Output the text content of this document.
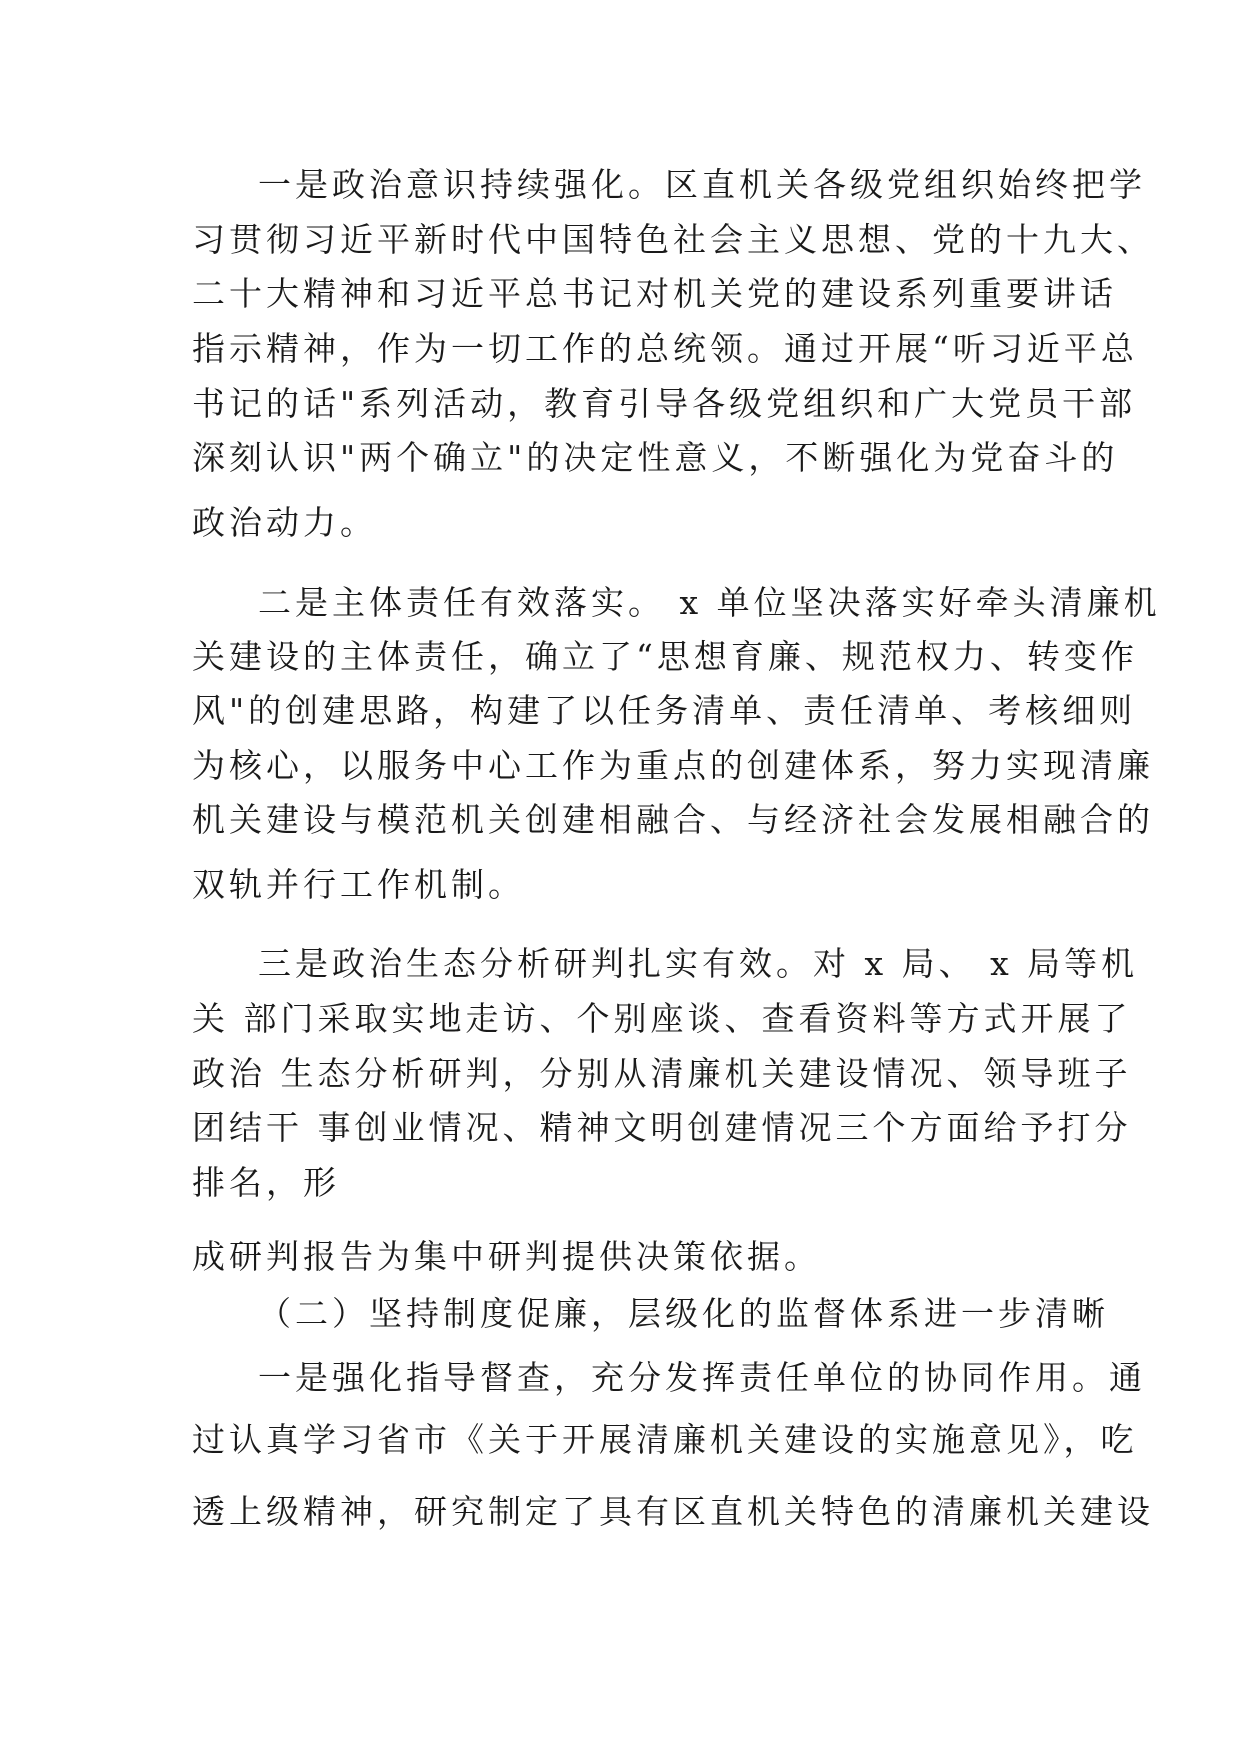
一是政治意识持续强化。区直机关各级党组织始终把学
习贯彻习近平新时代中国特色社会主义思想、党的十九大、
二十大精神和习近平总书记对机关党的建设系列重要讲话
指示精神，作为一切工作的总统领。通过开展“听习近平总
书记的话"系列活动，教育引导各级党组织和广大党员干部
深刻认识"两个确立"的决定性意义，不断强化为党奋斗的
政治动力。
二是主体责任有效落实。 x 单位坚决落实好牵头清廉机
关建设的主体责任，确立了“思想育廉、规范权力、转变作
风"的创建思路，构建了以任务清单、责任清单、考核细则
为核心，以服务中心工作为重点的创建体系，努力实现清廉
机关建设与模范机关创建相融合、与经济社会发展相融合的
双轨并行工作机制。
三是政治生态分析研判扎实有效。对 x 局、 x 局等机
关 部门采取实地走访、个别座谈、查看资料等方式开展了
政治 生态分析研判，分别从清廉机关建设情况、领导班子
团结干 事创业情况、精神文明创建情况三个方面给予打分
排名，形
成研判报告为集中研判提供决策依据。
（二）坚持制度促廉，层级化的监督体系进一步清晰
一是强化指导督查，充分发挥责任单位的协同作用。通
过认真学习省市《关于开展清廉机关建设的实施意见》，吃
透上级精神，研究制定了具有区直机关特色的清廉机关建设
